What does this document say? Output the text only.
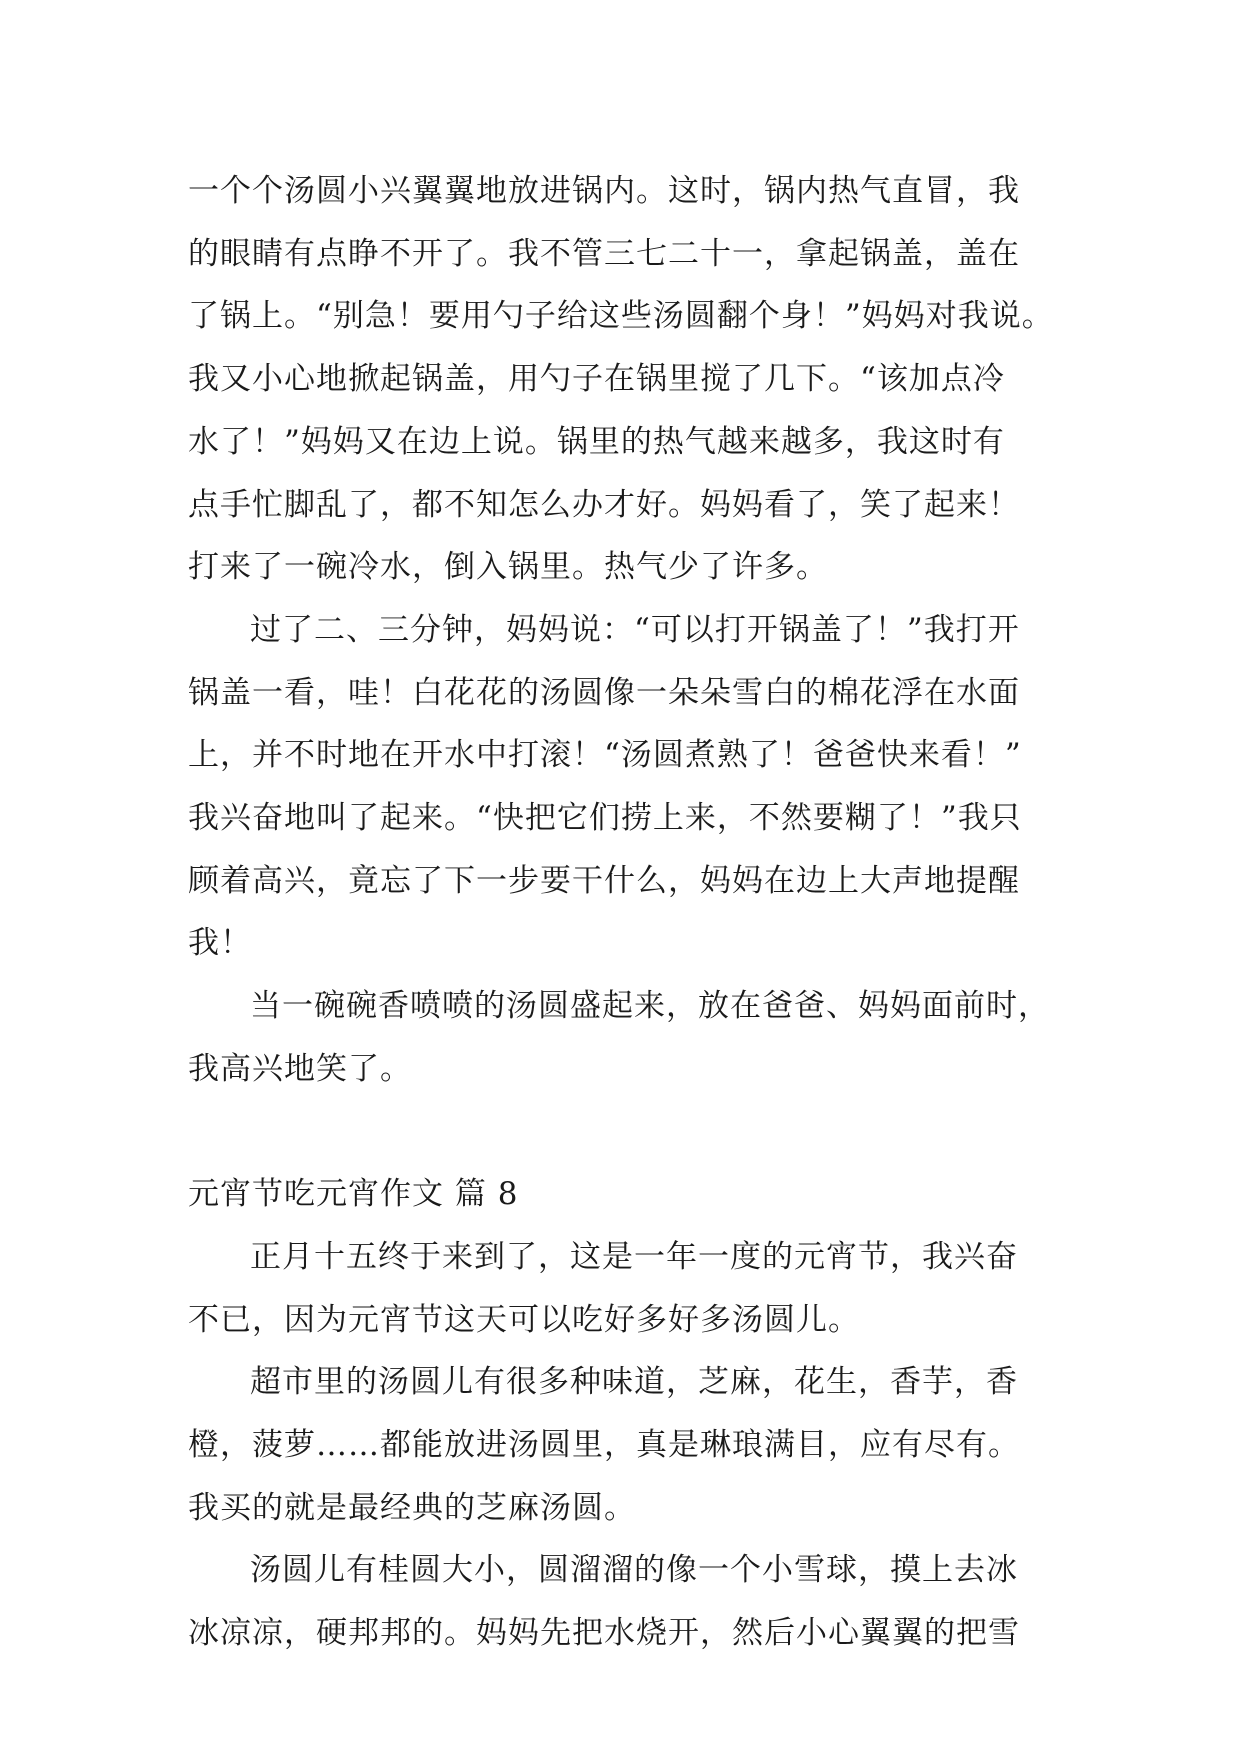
一个个汤圆小兴翼翼地放进锅内。这时，锅内热气直冒，我
的眼睛有点睁不开了。我不管三七二十一，拿起锅盖，盖在
了锅上。“别急！要用勺子给这些汤圆翻个身！”妈妈对我说。
我又小心地掀起锅盖，用勺子在锅里搅了几下。“该加点冷
水了！”妈妈又在边上说。锅里的热气越来越多，我这时有
点手忙脚乱了，都不知怎么办才好。妈妈看了，笑了起来！
打来了一碗冷水，倒入锅里。热气少了许多。

过了二、三分钟，妈妈说：“可以打开锅盖了！”我打开
锅盖一看，哇！白花花的汤圆像一朵朵雪白的棉花浮在水面
上，并不时地在开水中打滚！“汤圆煮熟了！爸爸快来看！”
我兴奋地叫了起来。“快把它们捞上来，不然要糊了！”我只
顾着高兴，竟忘了下一步要干什么，妈妈在边上大声地提醒
我！

当一碗碗香喷喷的汤圆盛起来，放在爸爸、妈妈面前时，
我高兴地笑了。

元宵节吃元宵作文 篇 8

正月十五终于来到了，这是一年一度的元宵节，我兴奋
不已，因为元宵节这天可以吃好多好多汤圆儿。

超市里的汤圆儿有很多种味道，芝麻，花生，香芋，香
橙，菠萝……都能放进汤圆里，真是琳琅满目，应有尽有。
我买的就是最经典的芝麻汤圆。

汤圆儿有桂圆大小，圆溜溜的像一个小雪球，摸上去冰
冰凉凉，硬邦邦的。妈妈先把水烧开，然后小心翼翼的把雪
